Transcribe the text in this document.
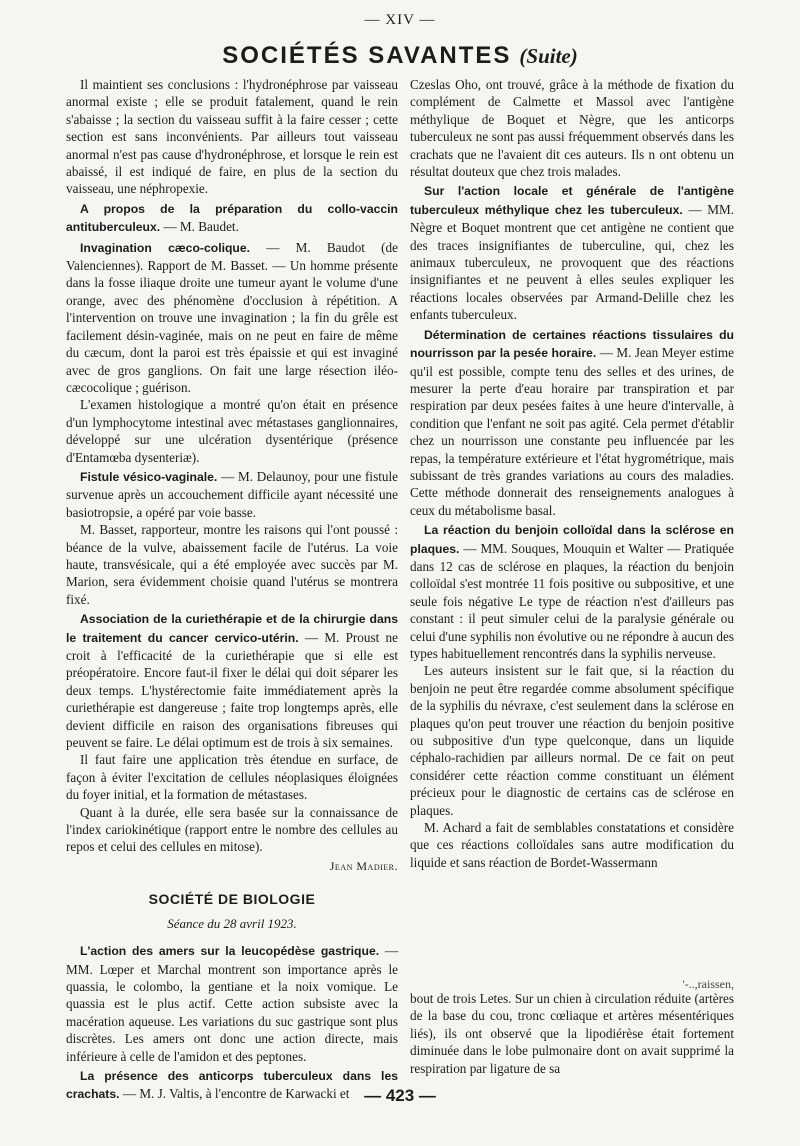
— XIV —
SOCIÉTÉS SAVANTES (Suite)

Il maintient ses conclusions : l'hydronéphrose par vaisseau anormal existe ; elle se produit fatalement, quand le rein s'abaisse ; la section du vaisseau suffit à la faire cesser ; cette section est sans inconvénients. Par ailleurs tout vaisseau anormal n'est pas cause d'hydronéphrose, et lorsque le rein est abaissé, il est indiqué de faire, en plus de la section du vaisseau, une néphropexie.

A propos de la préparation du collo-vaccin antituberculeux. — M. Baudet.

Invagination cæco-colique. — M. Baudot (de Valenciennes). Rapport de M. Basset. — Un homme présente dans la fosse iliaque droite une tumeur ayant le volume d'une orange, avec des phénomène d'occlusion à répétition. A l'intervention on trouve une invagination ; la fin du grêle est facilement désin-vaginée, mais on ne peut en faire de même du cæcum, dont la paroi est très épaissie et qui est invaginé avec de gros ganglions. On fait une large résection iléo-cæcocolique ; guérison.

L'examen histologique a montré qu'on était en présence d'un lymphocytome intestinal avec métastases ganglionnaires, développé sur une ulcération dysentérique (présence d'Entamœba dysenteriæ).

Fistule vésico-vaginale. — M. Delaunoy, pour une fistule survenue après un accouchement difficile ayant nécessité une basiotropsie, a opéré par voie basse.

M. Basset, rapporteur, montre les raisons qui l'ont poussé : béance de la vulve, abaissement facile de l'utérus. La voie haute, transvésicale, qui a été employée avec succès par M. Marion, sera évidemment choisie quand l'utérus se montrera fixé.

Association de la curiethérapie et de la chirurgie dans le traitement du cancer cervico-utérin. — M. Proust ne croit à l'efficacité de la curiethérapie que si elle est préopératoire. Encore faut-il fixer le délai qui doit séparer les deux temps. L'hystérectomie faite immédiatement après la curiethérapie est dangereuse ; faite trop longtemps après, elle devient difficile en raison des organisations fibreuses qui peuvent se faire. Le délai optimum est de trois à six semaines.

Il faut faire une application très étendue en surface, de façon à éviter l'excitation de cellules néoplasiques éloignées du foyer initial, et la formation de métastases.

Quant à la durée, elle sera basée sur la connaissance de l'index cariokinétique (rapport entre le nombre des cellules au repos et celui des cellules en mitose).

Jean Madier.
SOCIÉTÉ DE BIOLOGIE
Séance du 28 avril 1923.

L'action des amers sur la leucopédèse gastrique. — MM. Lœper et Marchal montrent son importance après le quassia, le colombo, la gentiane et la noix vomique. Le quassia est le plus actif. Cette action subsiste avec la macération aqueuse. Les variations du suc gastrique sont plus discrètes. Les amers ont donc une action directe, mais inférieure à celle de l'amidon et des peptones.

La présence des anticorps tuberculeux dans les crachats. — M. J. Valtis, à l'encontre de Karwacki et

Czeslas Oho, ont trouvé, grâce à la méthode de fixation du complément de Calmette et Massol avec l'antigène méthylique de Boquet et Nègre, que les anticorps tuberculeux ne sont pas aussi fréquemment observés dans les crachats que ne l'avaient dit ces auteurs. Ils n ont obtenu un résultat douteux que chez trois malades.

Sur l'action locale et générale de l'antigène tuberculeux méthylique chez les tuberculeux. — MM. Nègre et Boquet montrent que cet antigène ne contient que des traces insignifiantes de tuberculine, qui, chez les animaux tuberculeux, ne provoquent que des réactions insignifiantes et ne peuvent à elles seules expliquer les réactions locales observées par Armand-Delille chez les enfants tuberculeux.

Détermination de certaines réactions tissulaires du nourrisson par la pesée horaire. — M. Jean Meyer estime qu'il est possible, compte tenu des selles et des urines, de mesurer la perte d'eau horaire par transpiration et par respiration par deux pesées faites à une heure d'intervalle, à condition que l'enfant ne soit pas agité. Cela permet d'établir chez un nourrisson une constante peu influencée par les repas, la température extérieure et l'état hygrométrique, mais subissant de très grandes variations au cours des maladies. Cette méthode donnerait des renseignements analogues à ceux du métabolisme basal.

La réaction du benjoin colloïdal dans la sclérose en plaques. — MM. Souques, Mouquin et Walter — Pratiquée dans 12 cas de sclérose en plaques, la réaction du benjoin colloïdal s'est montrée 11 fois positive ou subpositive, et une seule fois négative Le type de réaction n'est d'ailleurs pas constant : il peut simuler celui de la paralysie générale ou celui d'une syphilis non évolutive ou ne répondre à aucun des types habituellement rencontrés dans la syphilis nerveuse.

Les auteurs insistent sur le fait que, si la réaction du benjoin ne peut être regardée comme absolument spécifique de la syphilis du névraxe, c'est seulement dans la sclérose en plaques qu'on peut trouver une réaction du benjoin positive ou subpositive d'un type quelconque, dans un liquide céphalo-rachidien par ailleurs normal. De ce fait on peut considérer cette réaction comme constituant un élément précieux pour le diagnostic de certains cas de sclérose en plaques.

M. Achard a fait de semblables constatations et considère que ces réactions colloïdales sans autre modification du liquide et sans réaction de Bordet-Wassermann

'-..,raissen,

bout de trois Letes. Sur un chien à circulation réduite (artères de la base du cou, tronc cœliaque et artères mésentériques liés), ils ont observé que la lipodiérèse était fortement diminuée dans le lobe pulmonaire dont on avait supprimé la respiration par ligature de sa

— 423 —
